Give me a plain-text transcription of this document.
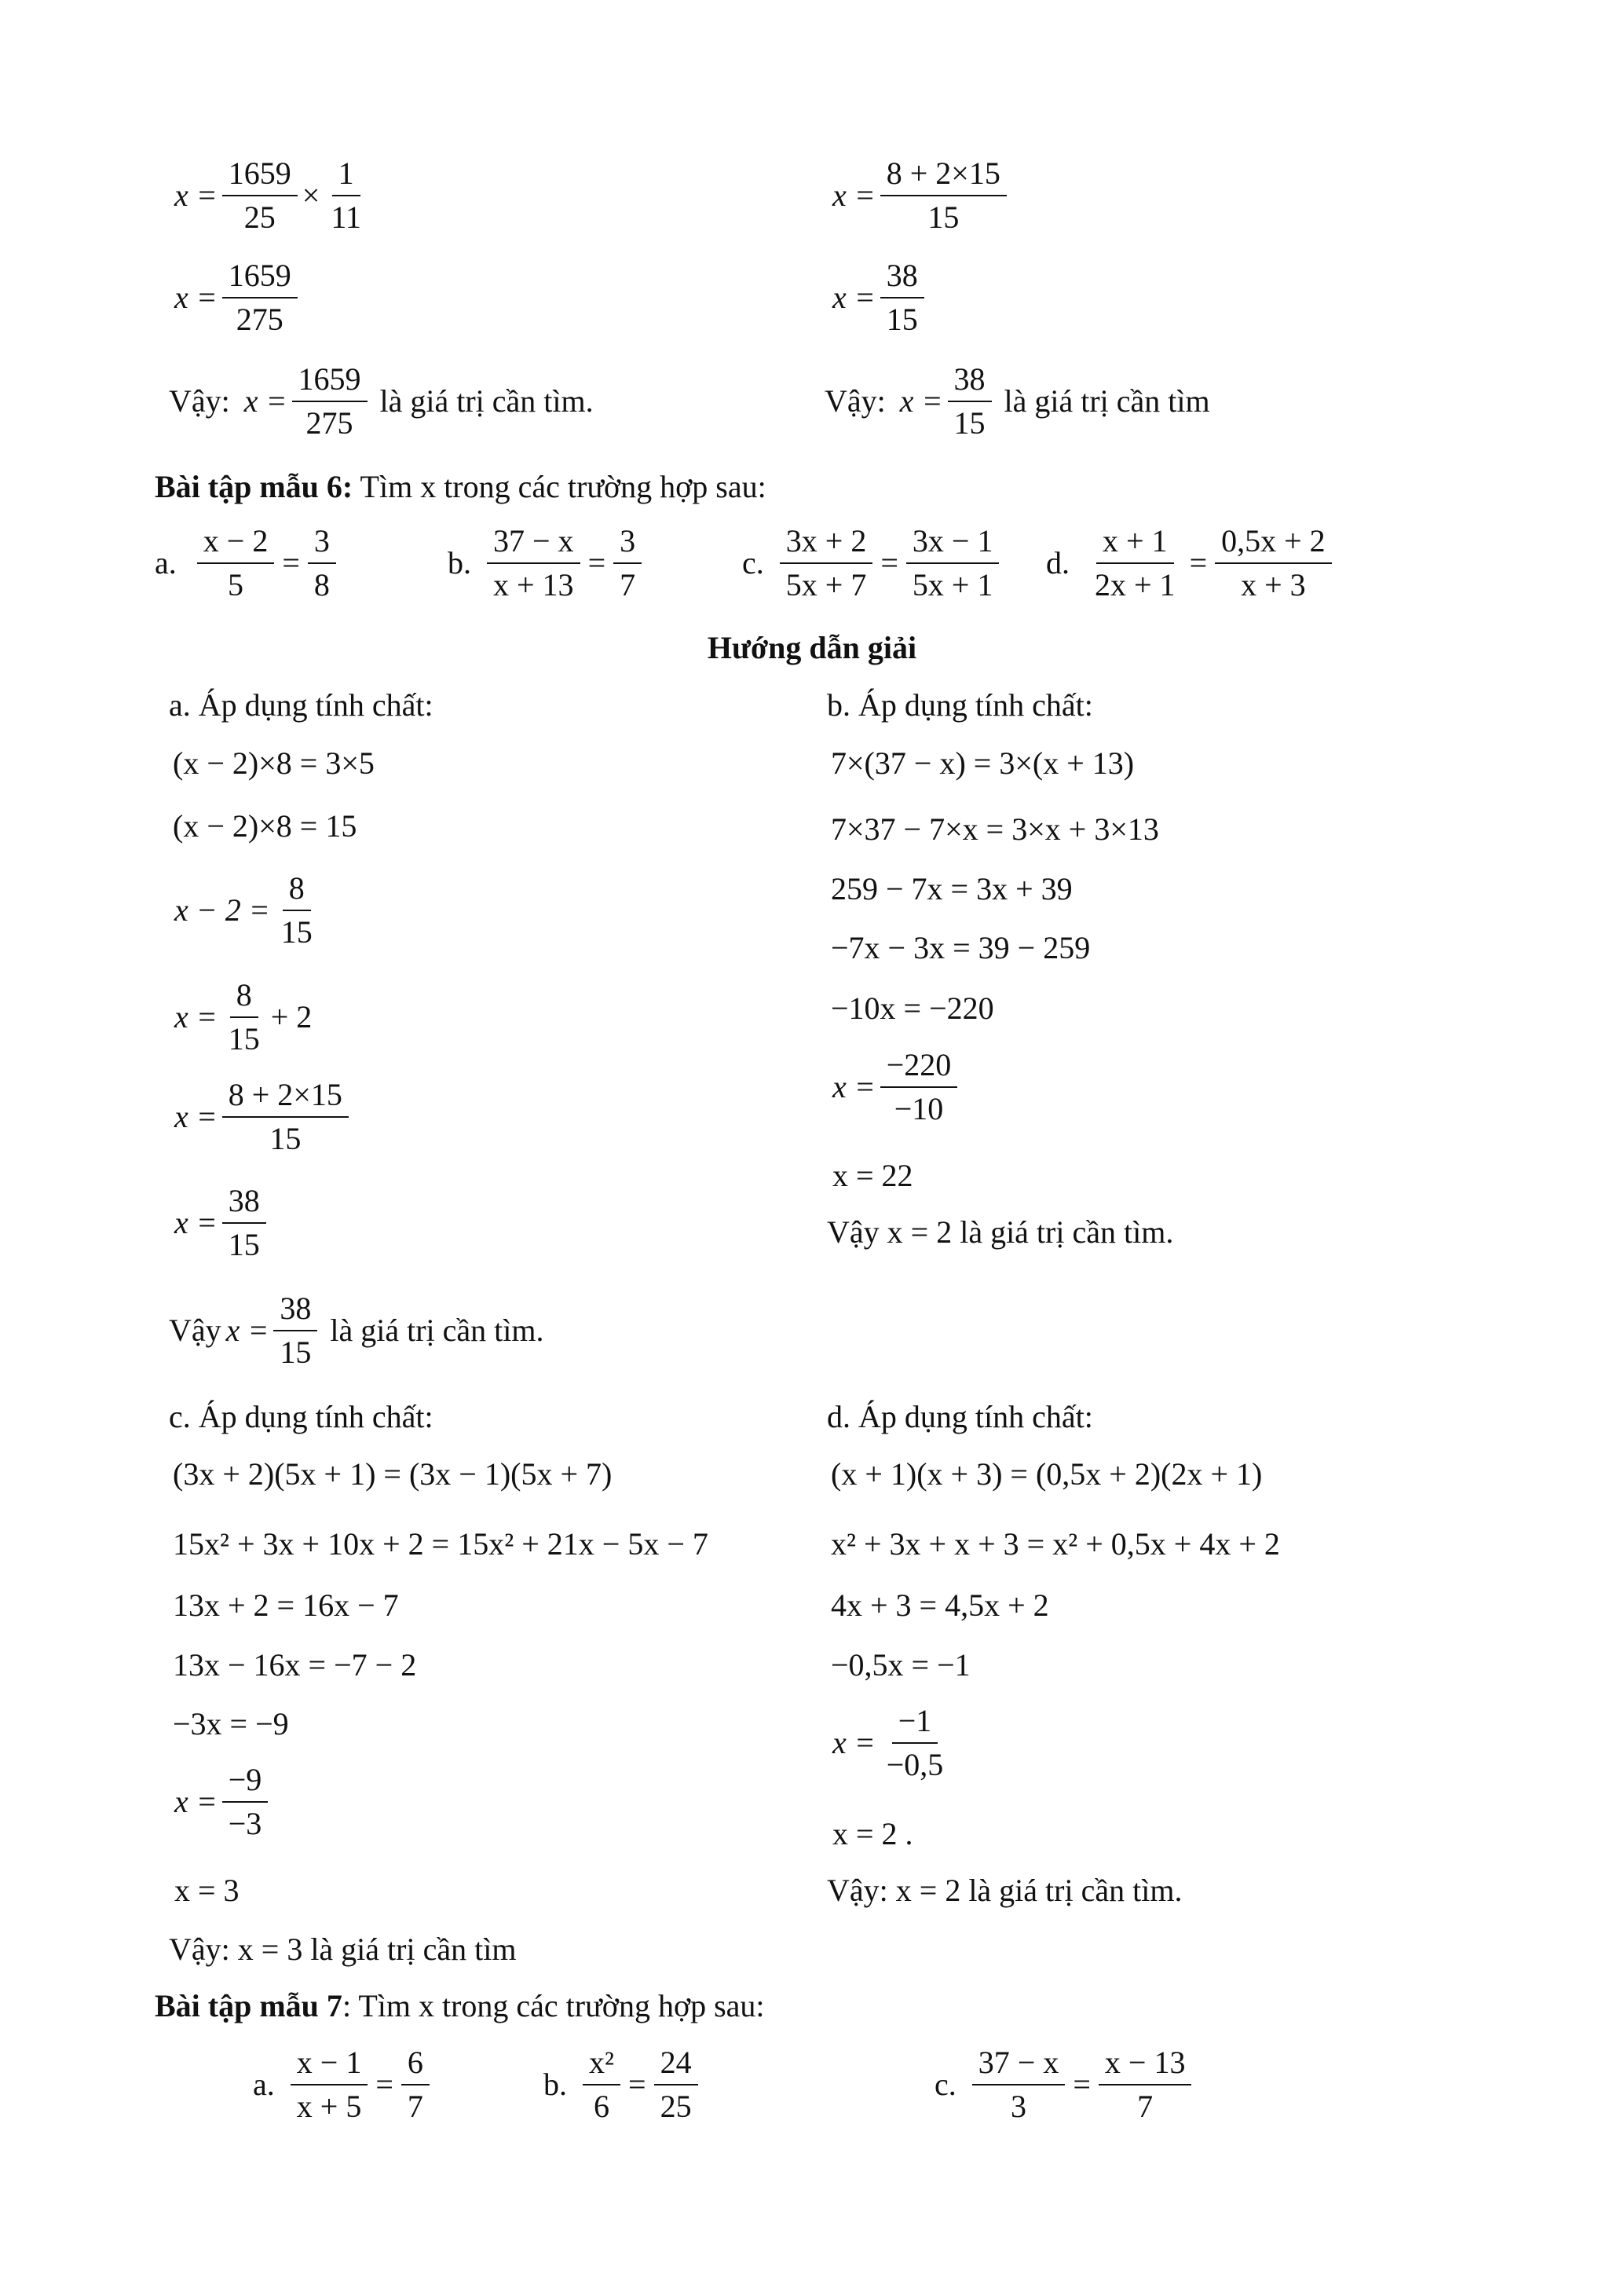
$x = \frac{1659}{25} \times \frac{1}{11}$
$x = \frac{1659}{275}$
Vậy: $x = \frac{1659}{275}$ là giá trị cần tìm.
$x = \frac{8 + 2\times 15}{15}$
$x = \frac{38}{15}$
Vậy: $x = \frac{38}{15}$ là giá trị cần tìm
Bài tập mẫu 6: Tìm x trong các trường hợp sau:
a. $\frac{x - 2}{5} = \frac{3}{8}$	b. $\frac{37 - x}{x + 13} = \frac{3}{7}$	c. $\frac{3x + 2}{5x + 7} = \frac{3x - 1}{5x + 1} d$. $\frac{x + 1}{2x + 1} = \frac{0,5x + 2}{x + 3}$
Hướng dẫn giải
a. Áp dụng tính chất:
(x − 2)×8 = 3×5
(x − 2)×8 = 15
$x - 2 = \frac{8}{15}$
$x = \frac{8}{15} + 2$
$x = \frac{8 + 2\times 15}{15}$
$x = \frac{38}{15}$
Vậy $x = \frac{38}{15}$ là giá trị cần tìm.
b. Áp dụng tính chất:
7×(37 − x) = 3×(x + 13)
7×37 − 7×x = 3×x + 3×13
259 − 7x = 3x + 39
−7x − 3x = 39 − 259
−10x = −220
$x = \frac{-220}{-10}$
x = 22
Vậy x = 2 là giá trị cần tìm.
c. Áp dụng tính chất:
(3x + 2)(5x + 1) = (3x − 1)(5x + 7)
15x² + 3x + 10x + 2 = 15x² + 21x − 5x − 7
13x + 2 = 16x − 7
13x − 16x = −7 − 2
−3x = −9
$x = \frac{-9}{-3}$
x = 3
Vậy: x = 3 là giá trị cần tìm
d. Áp dụng tính chất:
(x + 1)(x + 3) = (0,5x + 2)(2x + 1)
x² + 3x + x + 3 = x² + 0,5x + 4x + 2
4x + 3 = 4,5x + 2
−0,5x = −1
$x = \frac{-1}{-0,5}$
x = 2 .
Vậy: x = 2 là giá trị cần tìm.
Bài tập mẫu 7: Tìm x trong các trường hợp sau:
a. $\frac{x - 1}{x + 5} = \frac{6}{7}$	b. $\frac{\text{x²}}{6} = \frac{24}{25}$	c. $\frac{37 - x}{3} = \frac{x - 13}{7}$
